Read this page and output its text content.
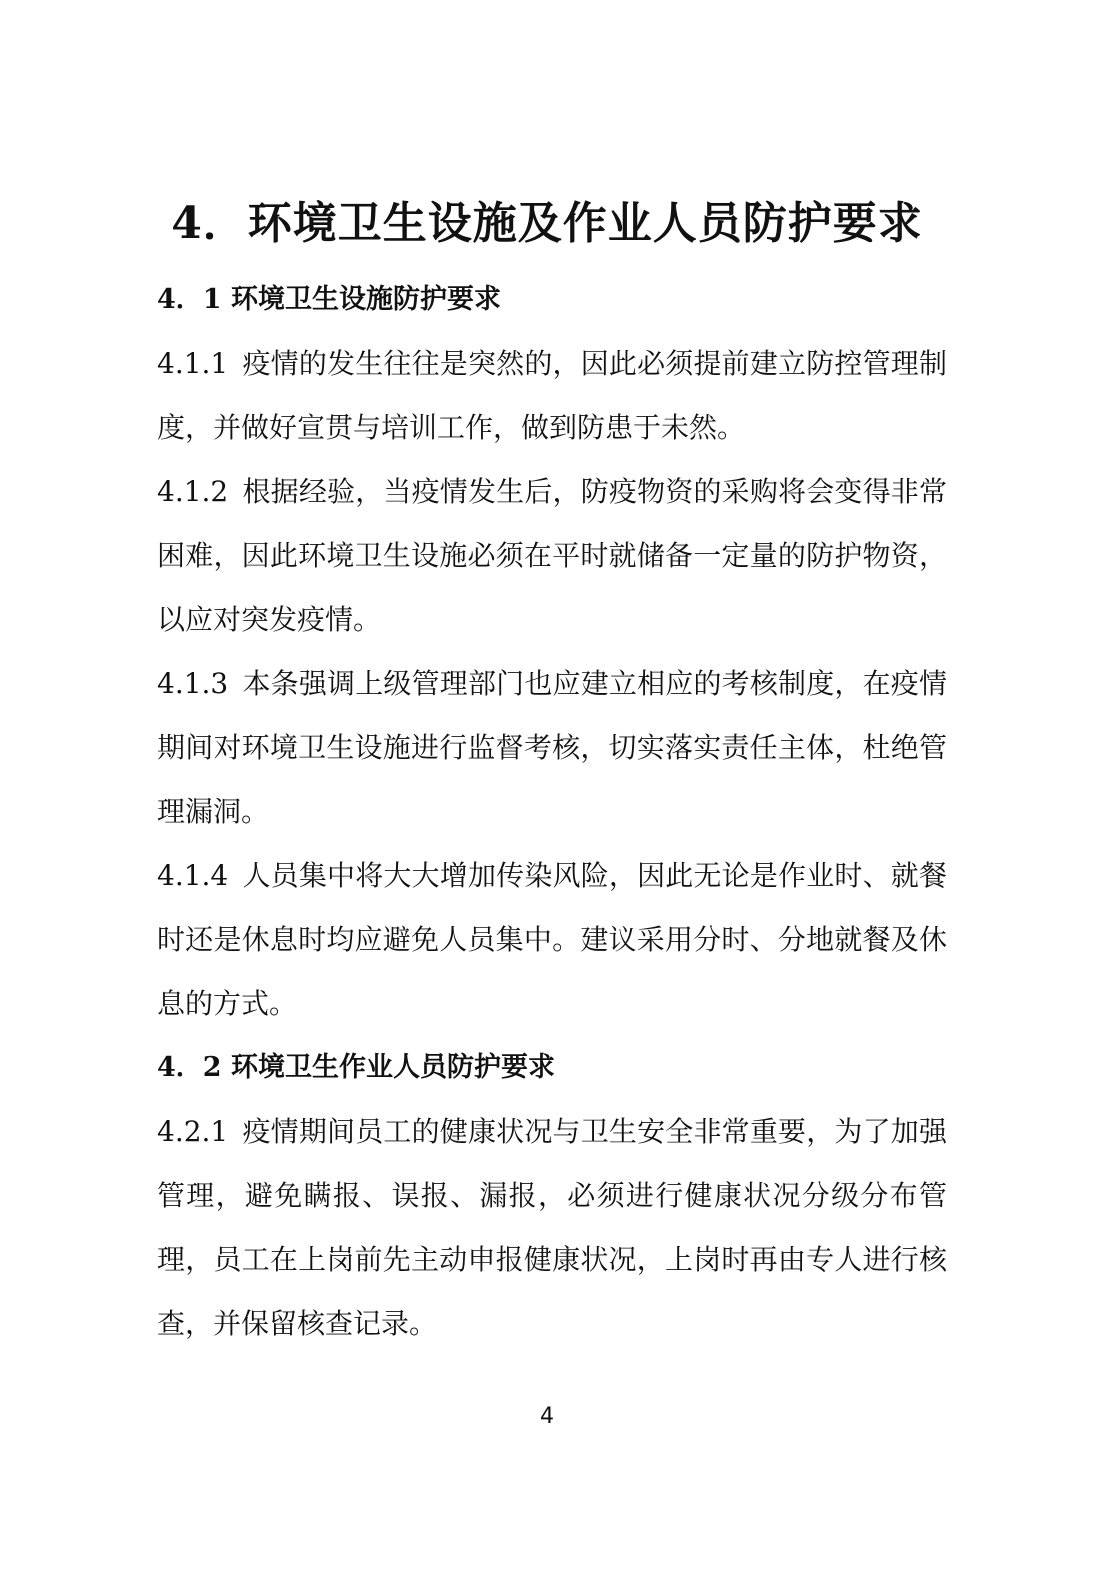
4．环境卫生设施及作业人员防护要求
4．1 环境卫生设施防护要求

4.1.1 疫情的发生往往是突然的，因此必须提前建立防控管理制度，并做好宣贯与培训工作，做到防患于未然。

4.1.2 根据经验，当疫情发生后，防疫物资的采购将会变得非常困难，因此环境卫生设施必须在平时就储备一定量的防护物资，以应对突发疫情。

4.1.3 本条强调上级管理部门也应建立相应的考核制度，在疫情期间对环境卫生设施进行监督考核，切实落实责任主体，杜绝管理漏洞。

4.1.4 人员集中将大大增加传染风险，因此无论是作业时、就餐时还是休息时均应避免人员集中。建议采用分时、分地就餐及休息的方式。

4．2 环境卫生作业人员防护要求

4.2.1 疫情期间员工的健康状况与卫生安全非常重要，为了加强管理，避免瞒报、误报、漏报，必须进行健康状况分级分布管理，员工在上岗前先主动申报健康状况，上岗时再由专人进行核查，并保留核查记录。

4
